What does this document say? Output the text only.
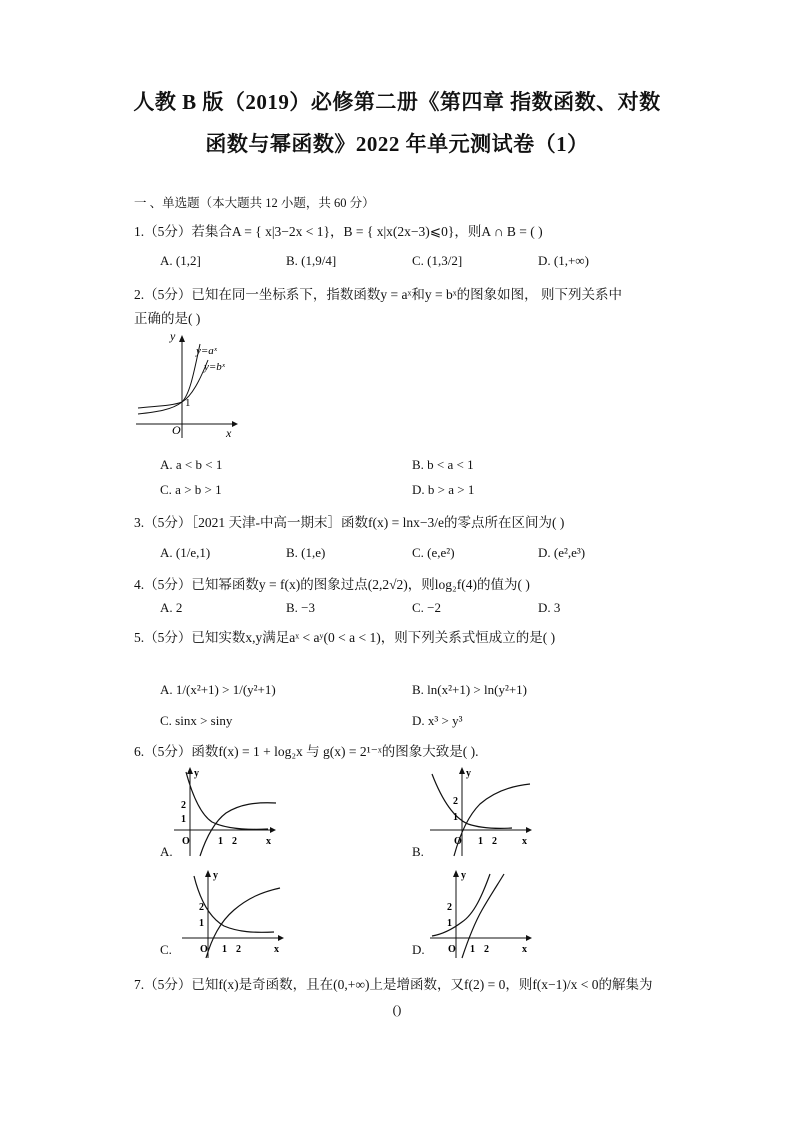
人教 B 版（2019）必修第二册《第四章 指数函数、对数
函数与幂函数》2022 年单元测试卷（1）
一 、单选题（本大题共 12 小题，共 60 分）
1.（5分）若集合A = { x|3−2x < 1}，B = { x|x(2x−3)⩽0}，则A ∩ B = ( )
A. (1,2]	B. (1,9/4]	C. (1,3/2]	D. (1,+∞)
2.（5分）已知在同一坐标系下，指数函数y = aˣ和y = bˣ的图象如图， 则下列关系中
正确的是( )
y
x
O
1
y=aˣ
y=bˣ
A. a < b < 1	B. b < a < 1
C. a > b > 1	D. b > a > 1
3.（5分）［2021 天津-中高一期末］函数f(x) = lnx−3/e的零点所在区间为( )
A. (1/e,1)	B. (1,e)	C. (e,e²)	D. (e²,e³)
4.（5分）已知幂函数y = f(x)的图象过点(2,2√2)，则log₂f(4)的值为( )
A. 2	B. −3	C. −2	D. 3
5.（5分）已知实数x,y满足aˣ < aʸ(0 < a < 1)，则下列关系式恒成立的是( )
A. 1/(x²+1) > 1/(y²+1)	B. ln(x²+1) > ln(y²+1)
C. sinx > siny	D. x³ > y³
6.（5分）函数f(x) = 1 + log₂x 与 g(x) = 2¹⁻ˣ的图象大致是( ).
y
x
2
1
1 2
O
A.
y
x
2
1
1 2
O
B.
y
x
2
1
1 2
O
C.
y
x
2
1
1 2
O
D.
7.（5分）已知f(x)是奇函数，且在(0,+∞)上是增函数，又f(2) = 0，则f(x−1)/x < 0的解集为
()
